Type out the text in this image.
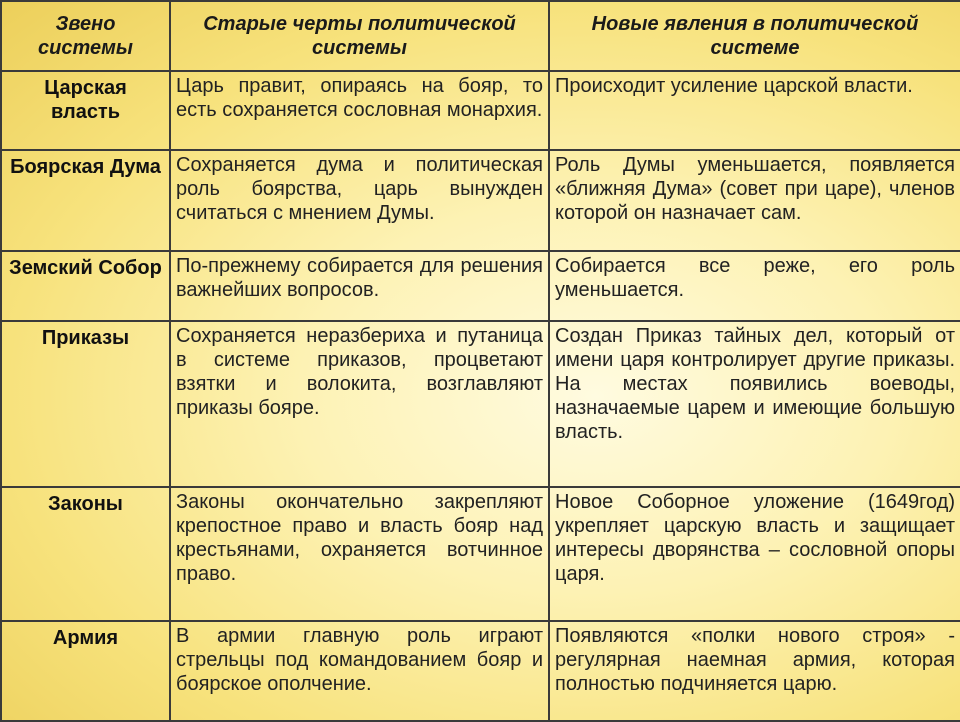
Звено системы	Старые черты политической системы	Новые явления в политической системе
Царская власть	Царь правит, опираясь на бояр, то есть сохраняется сословная монархия.	Происходит усиление царской власти.
Боярская Дума	Сохраняется дума и политическая роль боярства, царь вынужден считаться с мнением Думы.	Роль Думы уменьшается, появляется «ближняя Дума» (совет при царе), членов которой он назначает сам.
Земский Собор	По-прежнему собирается для решения важнейших вопросов.	Собирается все реже, его роль уменьшается.
Приказы	Сохраняется неразбериха и путаница в системе приказов, процветают взятки и волокита, возглавляют приказы бояре.	Создан Приказ тайных дел, который от имени царя контролирует другие приказы. На местах появились воеводы, назначаемые царем и имеющие большую власть.
Законы	Законы окончательно закрепляют крепостное право и власть бояр над крестьянами, охраняется вотчинное право.	Новое Соборное уложение (1649год) укрепляет царскую власть и защищает интересы дворянства – сословной опоры царя.
Армия	В армии главную роль играют стрельцы под командованием бояр и боярское ополчение.	Появляются «полки нового строя» - регулярная наемная армия, которая полностью подчиняется царю.
